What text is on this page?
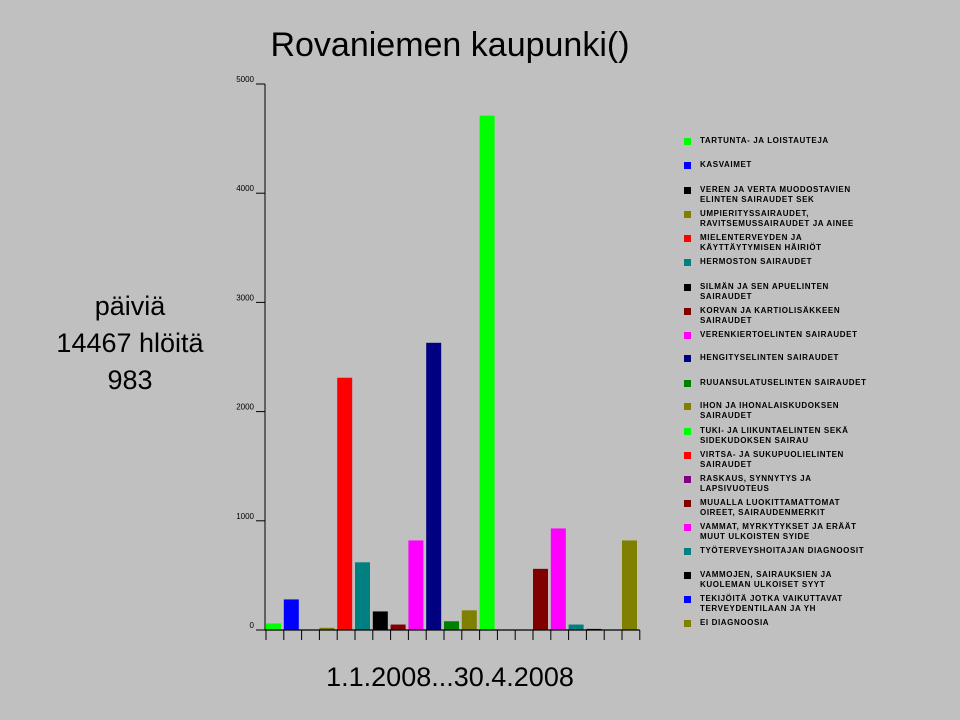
Rovaniemen kaupunki()
päiviä
14467 hlöitä
983
0
1000
2000
3000
4000
5000
TARTUNTA- JA LOISTAUTEJA
KASVAIMET
VEREN JA VERTA MUODOSTAVIEN
ELINTEN SAIRAUDET SEK
UMPIERITYSSAIRAUDET,
RAVITSEMUSSAIRAUDET JA AINEE
MIELENTERVEYDEN JA
KÄYTTÄYTYMISEN HÄIRIÖT
HERMOSTON SAIRAUDET
SILMÄN JA SEN APUELINTEN
SAIRAUDET
KORVAN JA KARTIOLISÄKKEEN
SAIRAUDET
VERENKIERTOELINTEN SAIRAUDET
HENGITYSELINTEN SAIRAUDET
RUUANSULATUSELINTEN SAIRAUDET
IHON JA IHONALAISKUDOKSEN
SAIRAUDET
TUKI- JA LIIKUNTAELINTEN SEKÄ
SIDEKUDOKSEN SAIRAU
VIRTSA- JA SUKUPUOLIELINTEN
SAIRAUDET
RASKAUS, SYNNYTYS JA
LAPSIVUOTEUS
MUUALLA LUOKITTAMATTOMAT
OIREET, SAIRAUDENMERKIT
VAMMAT, MYRKYTYKSET JA ERÄÄT
MUUT ULKOISTEN SYIDE
TYÖTERVEYSHOITAJAN DIAGNOOSIT
VAMMOJEN, SAIRAUKSIEN JA
KUOLEMAN ULKOISET SYYT
TEKIJÖITÄ JOTKA VAIKUTTAVAT
TERVEYDENTILAAN JA YH
EI DIAGNOOSIA
1.1.2008...30.4.2008
